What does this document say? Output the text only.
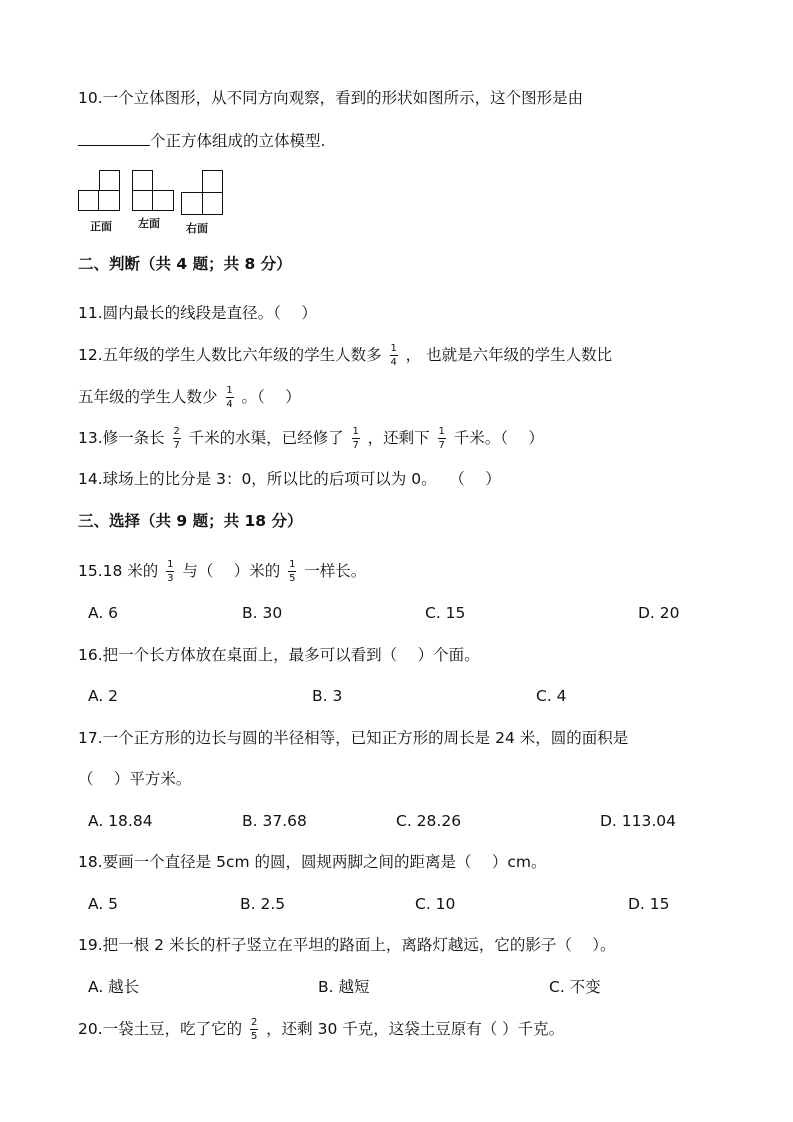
10.一个立体图形，从不同方向观察，看到的形状如图所示，这个图形是由
个正方体组成的立体模型.
正面 左面 右面
二、判断（共 4 题；共 8 分）
11.圆内最长的线段是直径。（　 ）
12.五年级的学生人数比六年级的学生人数多 $\frac{1}{4}$ ， 也就是六年级的学生人数比
五年级的学生人数少 $\frac{1}{4}$ 。（　 ）
13.修一条长 $\frac{2}{7}$ 千米的水渠，已经修了 $\frac{1}{7}$ ，还剩下 $\frac{1}{7}$ 千米。（　 ）
14.球场上的比分是 3：0，所以比的后项可以为 0。　 （　 ）
三、选择（共 9 题；共 18 分）
15.18 米的 $\frac{1}{3}$ 与（　 ）米的 $\frac{1}{5}$ 一样长。
A. 6	B. 30	C. 15	D. 20
16.把一个长方体放在桌面上，最多可以看到（　 ）个面。
A. 2	B. 3	C. 4
17.一个正方形的边长与圆的半径相等，已知正方形的周长是 24 米，圆的面积是
（　 ）平方米。
A. 18.84	B. 37.68	C. 28.26	D. 113.04
18.要画一个直径是 5cm 的圆，圆规两脚之间的距离是（　 ）cm。
A. 5	B. 2.5	C. 10	D. 15
19.把一根 2 米长的杆子竖立在平坦的路面上，离路灯越远，它的影子（　 ）。
A. 越长	B. 越短	C. 不变
20.一袋土豆，吃了它的 $\frac{2}{5}$ ，还剩 30 千克，这袋土豆原有（ ）千克。
